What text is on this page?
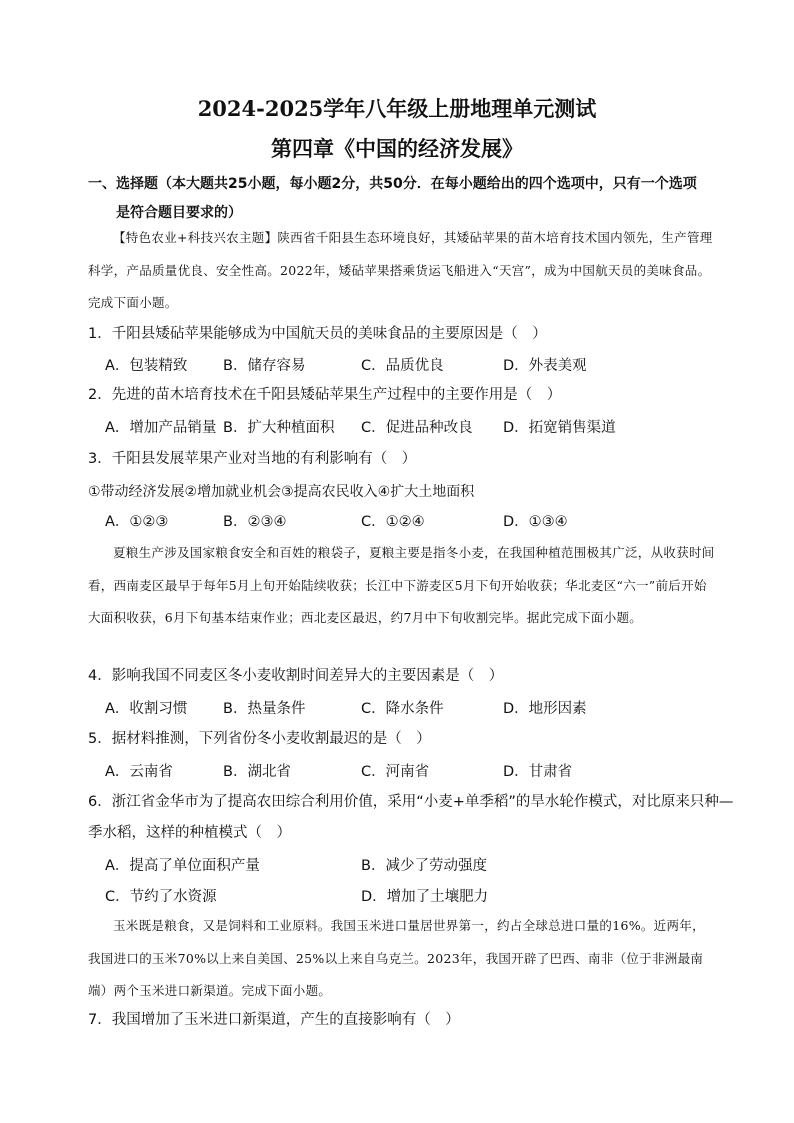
2024-2025学年八年级上册地理单元测试
第四章《中国的经济发展》
一、选择题（本大题共25小题，每小题2分，共50分．在每小题给出的四个选项中，只有一个选项
是符合题目要求的）
【特色农业+科技兴农主题】陕西省千阳县生态环境良好，其矮砧苹果的苗木培育技术国内领先，生产管理科学，产品质量优良、安全性高。2022年，矮砧苹果搭乘货运飞船进入“天宫”，成为中国航天员的美味食品。完成下面小题。
1．千阳县矮砧苹果能够成为中国航天员的美味食品的主要原因是（　）
A．包装精致 B．储存容易	C．品质优良	D．外表美观
2．先进的苗木培育技术在千阳县矮砧苹果生产过程中的主要作用是（　）
A．增加产品销量 B．扩大种植面积 C．促进品种改良 D．拓宽销售渠道
3．千阳县发展苹果产业对当地的有利影响有（　）
①带动经济发展②增加就业机会③提高农民收入④扩大土地面积
A．①②③	B．②③④	C．①②④	D．①③④
夏粮生产涉及国家粮食安全和百姓的粮袋子，夏粮主要是指冬小麦，在我国种植范围极其广泛，从收获时间看，西南麦区最早于每年5月上旬开始陆续收获；长江中下游麦区5月下旬开始收获；华北麦区“六一”前后开始大面积收获，6月下旬基本结束作业；西北麦区最迟，约7月中下旬收割完毕。据此完成下面小题。
4．影响我国不同麦区冬小麦收割时间差异大的主要因素是（　）
A．收割习惯 B．热量条件	C．降水条件	D．地形因素
5．据材料推测，下列省份冬小麦收割最迟的是（　）
A．云南省	B．湖北省	C．河南省	D．甘肃省
6．浙江省金华市为了提高农田综合利用价值，采用“小麦+单季稻”的旱水轮作模式，对比原来只种—
季水稻，这样的种植模式（　）
A．提高了单位面积产量	B．减少了劳动强度
C．节约了水资源	D．增加了土壤肥力
玉米既是粮食，又是饲料和工业原料。我国玉米进口量居世界第一，约占全球总进口量的16%。近两年，我国进口的玉米70%以上来自美国、25%以上来自乌克兰。2023年，我国开辟了巴西、南非（位于非洲最南端）两个玉米进口新渠道。完成下面小题。
7．我国增加了玉米进口新渠道，产生的直接影响有（　）
